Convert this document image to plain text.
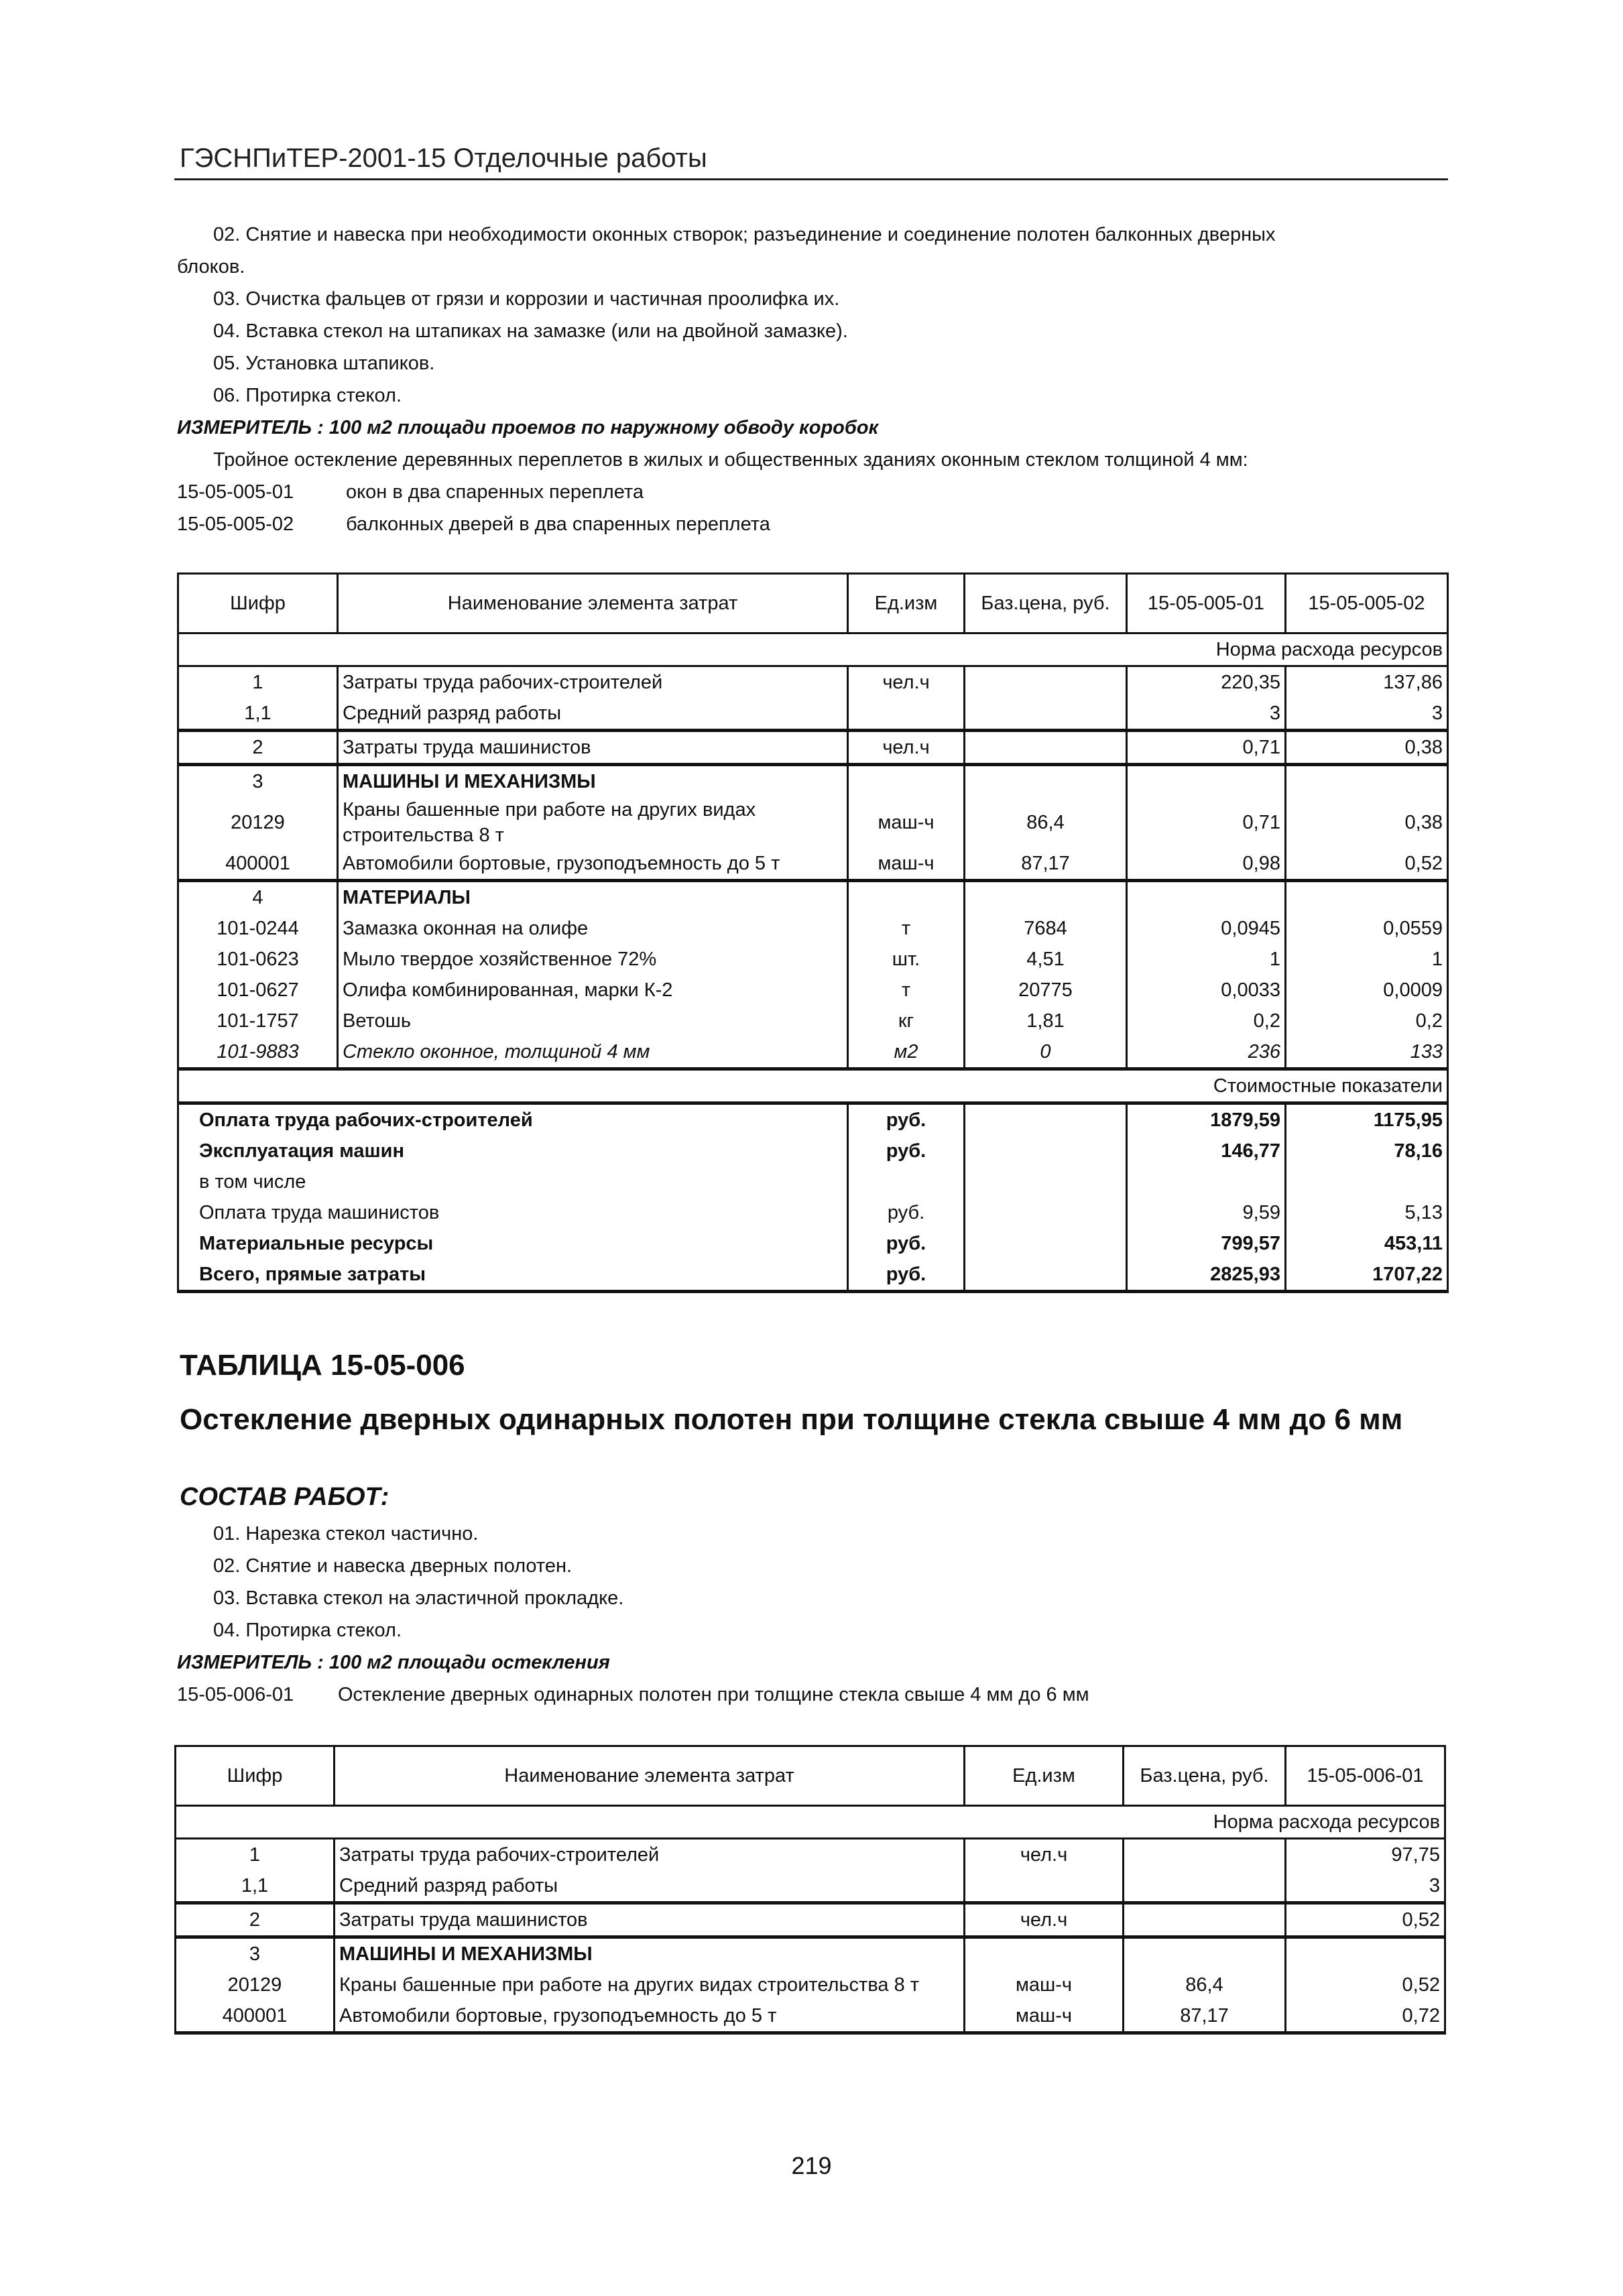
ГЭСНПиТЕР-2001-15 Отделочные работы
02. Снятие и навеска при необходимости оконных створок; разъединение и соединение полотен балконных дверных
блоков.
03. Очистка фальцев от грязи и коррозии и частичная проолифка их.
04. Вставка стекол на штапиках на замазке (или на двойной замазке).
05. Установка штапиков.
06. Протирка стекол.
ИЗМЕРИТЕЛЬ : 100 м2 площади проемов по наружному обводу коробок
Тройное остекление деревянных переплетов в жилых и общественных зданиях оконным стеклом толщиной 4 мм:
15-05-005-01	окон в два спаренных переплета
15-05-005-02	балконных дверей в два спаренных переплета
Шифр	Наименование элемента затрат	Ед.изм	Баз.цена, руб.	15-05-005-01	15-05-005-02
Норма расхода ресурсов					
1	Затраты труда рабочих-строителей	чел.ч		220,35	137,86
1,1	Средний разряд работы			3	3
2	Затраты труда машинистов	чел.ч		0,71	0,38
3	МАШИНЫ И МЕХАНИЗМЫ				
20129	Краны башенные при работе на других видах строительства 8 т	маш-ч	86,4	0,71	0,38
400001	Автомобили бортовые, грузоподъемность до 5 т	маш-ч	87,17	0,98	0,52
4	МАТЕРИАЛЫ				
101-0244	Замазка оконная на олифе	т	7684	0,0945	0,0559
101-0623	Мыло твердое хозяйственное 72%	шт.	4,51	1	1
101-0627	Олифа комбинированная, марки К-2	т	20775	0,0033	0,0009
101-1757	Ветошь	кг	1,81	0,2	0,2
101-9883	Стекло оконное, толщиной 4 мм	м2	0	236	133
Стоимостные показатели					
Оплата труда рабочих-строителей		руб.		1879,59	1175,95
Эксплуатация машин		руб.		146,77	78,16
в том числе					
Оплата труда машинистов		руб.		9,59	5,13
Материальные ресурсы		руб.		799,57	453,11
Всего, прямые затраты		руб.		2825,93	1707,22
ТАБЛИЦА 15-05-006
Остекление дверных одинарных полотен при толщине стекла свыше 4 мм до 6 мм
СОСТАВ РАБОТ:
01. Нарезка стекол частично.
02. Снятие и навеска дверных полотен.
03. Вставка стекол на эластичной прокладке.
04. Протирка стекол.
ИЗМЕРИТЕЛЬ : 100 м2 площади остекления
15-05-006-01 Остекление дверных одинарных полотен при толщине стекла свыше 4 мм до 6 мм
Шифр	Наименование элемента затрат	Ед.изм	Баз.цена, руб.	15-05-006-01
Норма расхода ресурсов				
1	Затраты труда рабочих-строителей	чел.ч		97,75
1,1	Средний разряд работы			3
2	Затраты труда машинистов	чел.ч		0,52
3	МАШИНЫ И МЕХАНИЗМЫ			
20129	Краны башенные при работе на других видах строительства 8 т	маш-ч	86,4	0,52
400001	Автомобили бортовые, грузоподъемность до 5 т	маш-ч	87,17	0,72
219
